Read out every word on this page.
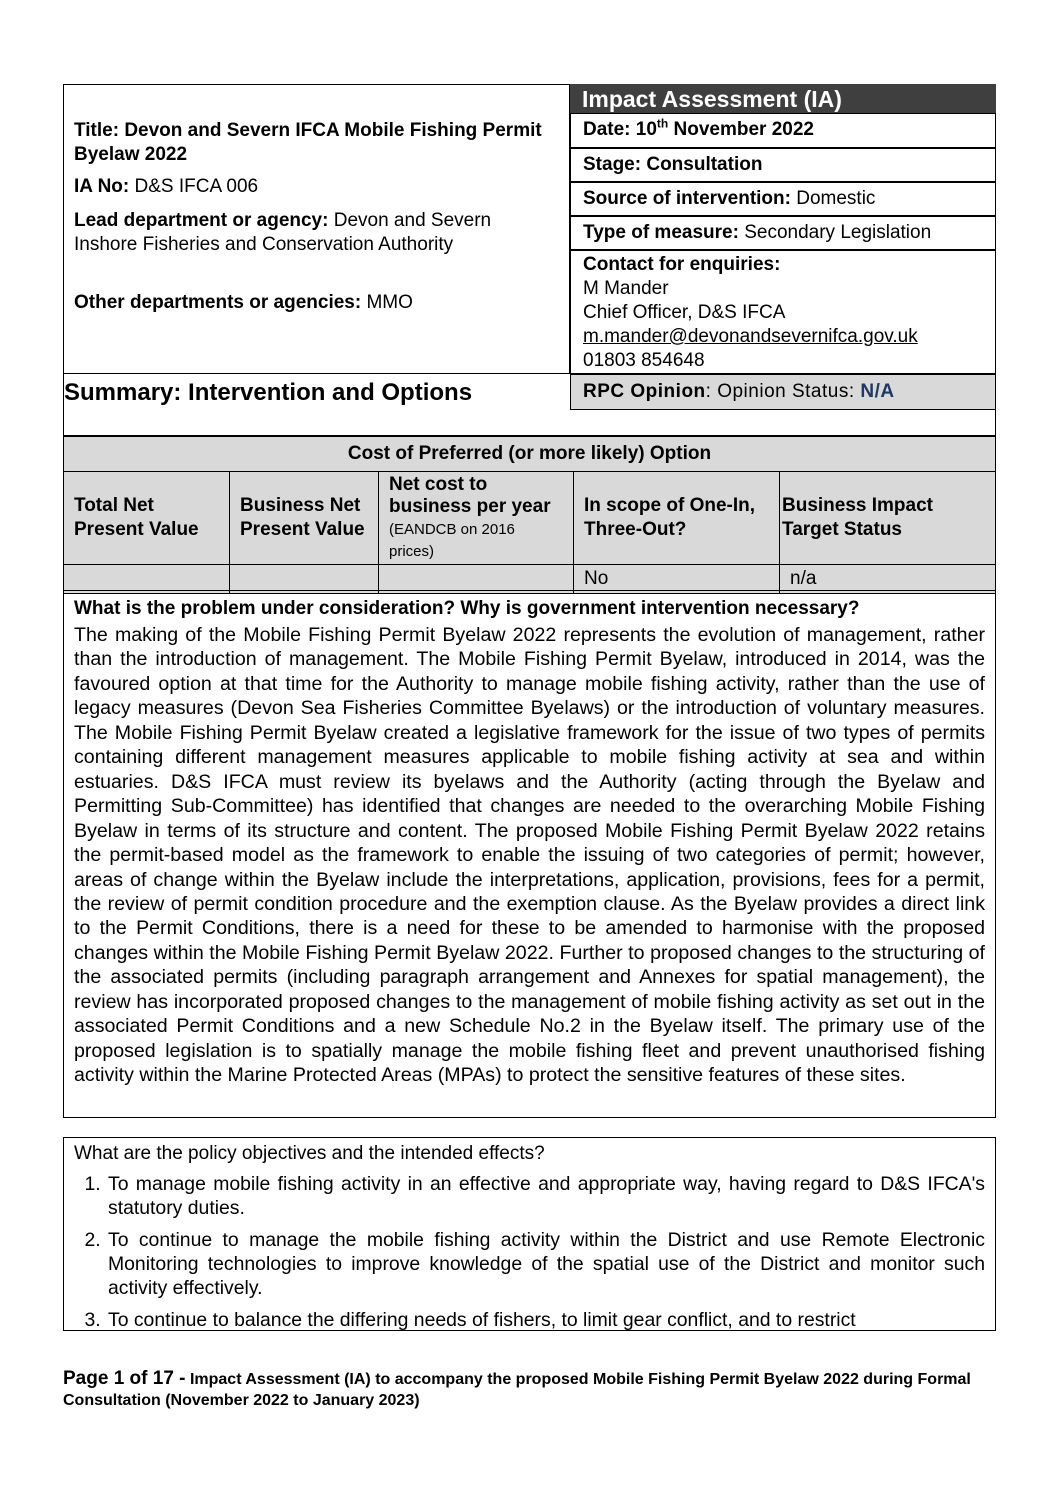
Title: Devon and Severn IFCA Mobile Fishing Permit Byelaw 2022
IA No: D&S IFCA 006
Lead department or agency: Devon and Severn Inshore Fisheries and Conservation Authority
Other departments or agencies: MMO
Impact Assessment (IA)
Date: 10th November 2022
Stage: Consultation
Source of intervention: Domestic
Type of measure: Secondary Legislation
Contact for enquiries:
M Mander
Chief Officer, D&S IFCA
m.mander@devonandsevernifca.gov.uk
01803 854648
Summary: Intervention and Options	RPC Opinion: Opinion Status: N/A
Cost of Preferred (or more likely) Option				
Total Net Present Value	Business Net Present Value	Net cost to business per year (EANDCB on 2016 prices)	In scope of One-In, Three-Out?	Business Impact Target Status
			No	n/a

What is the problem under consideration? Why is government intervention necessary?

The making of the Mobile Fishing Permit Byelaw 2022 represents the evolution of management, rather than the introduction of management. The Mobile Fishing Permit Byelaw, introduced in 2014, was the favoured option at that time for the Authority to manage mobile fishing activity, rather than the use of legacy measures (Devon Sea Fisheries Committee Byelaws) or the introduction of voluntary measures. The Mobile Fishing Permit Byelaw created a legislative framework for the issue of two types of permits containing different management measures applicable to mobile fishing activity at sea and within estuaries. D&S IFCA must review its byelaws and the Authority (acting through the Byelaw and Permitting Sub-Committee) has identified that changes are needed to the overarching Mobile Fishing Byelaw in terms of its structure and content. The proposed Mobile Fishing Permit Byelaw 2022 retains the permit-based model as the framework to enable the issuing of two categories of permit; however, areas of change within the Byelaw include the interpretations, application, provisions, fees for a permit, the review of permit condition procedure and the exemption clause. As the Byelaw provides a direct link to the Permit Conditions, there is a need for these to be amended to harmonise with the proposed changes within the Mobile Fishing Permit Byelaw 2022. Further to proposed changes to the structuring of the associated permits (including paragraph arrangement and Annexes for spatial management), the review has incorporated proposed changes to the management of mobile fishing activity as set out in the associated Permit Conditions and a new Schedule No.2 in the Byelaw itself. The primary use of the proposed legislation is to spatially manage the mobile fishing fleet and prevent unauthorised fishing activity within the Marine Protected Areas (MPAs) to protect the sensitive features of these sites.

What are the policy objectives and the intended effects?

1. To manage mobile fishing activity in an effective and appropriate way, having regard to D&S IFCA's statutory duties.
2. To continue to manage the mobile fishing activity within the District and use Remote Electronic Monitoring technologies to improve knowledge of the spatial use of the District and monitor such activity effectively.
3. To continue to balance the differing needs of fishers, to limit gear conflict, and to restrict
Page 1 of 17 - Impact Assessment (IA) to accompany the proposed Mobile Fishing Permit Byelaw 2022 during Formal Consultation (November 2022 to January 2023)
